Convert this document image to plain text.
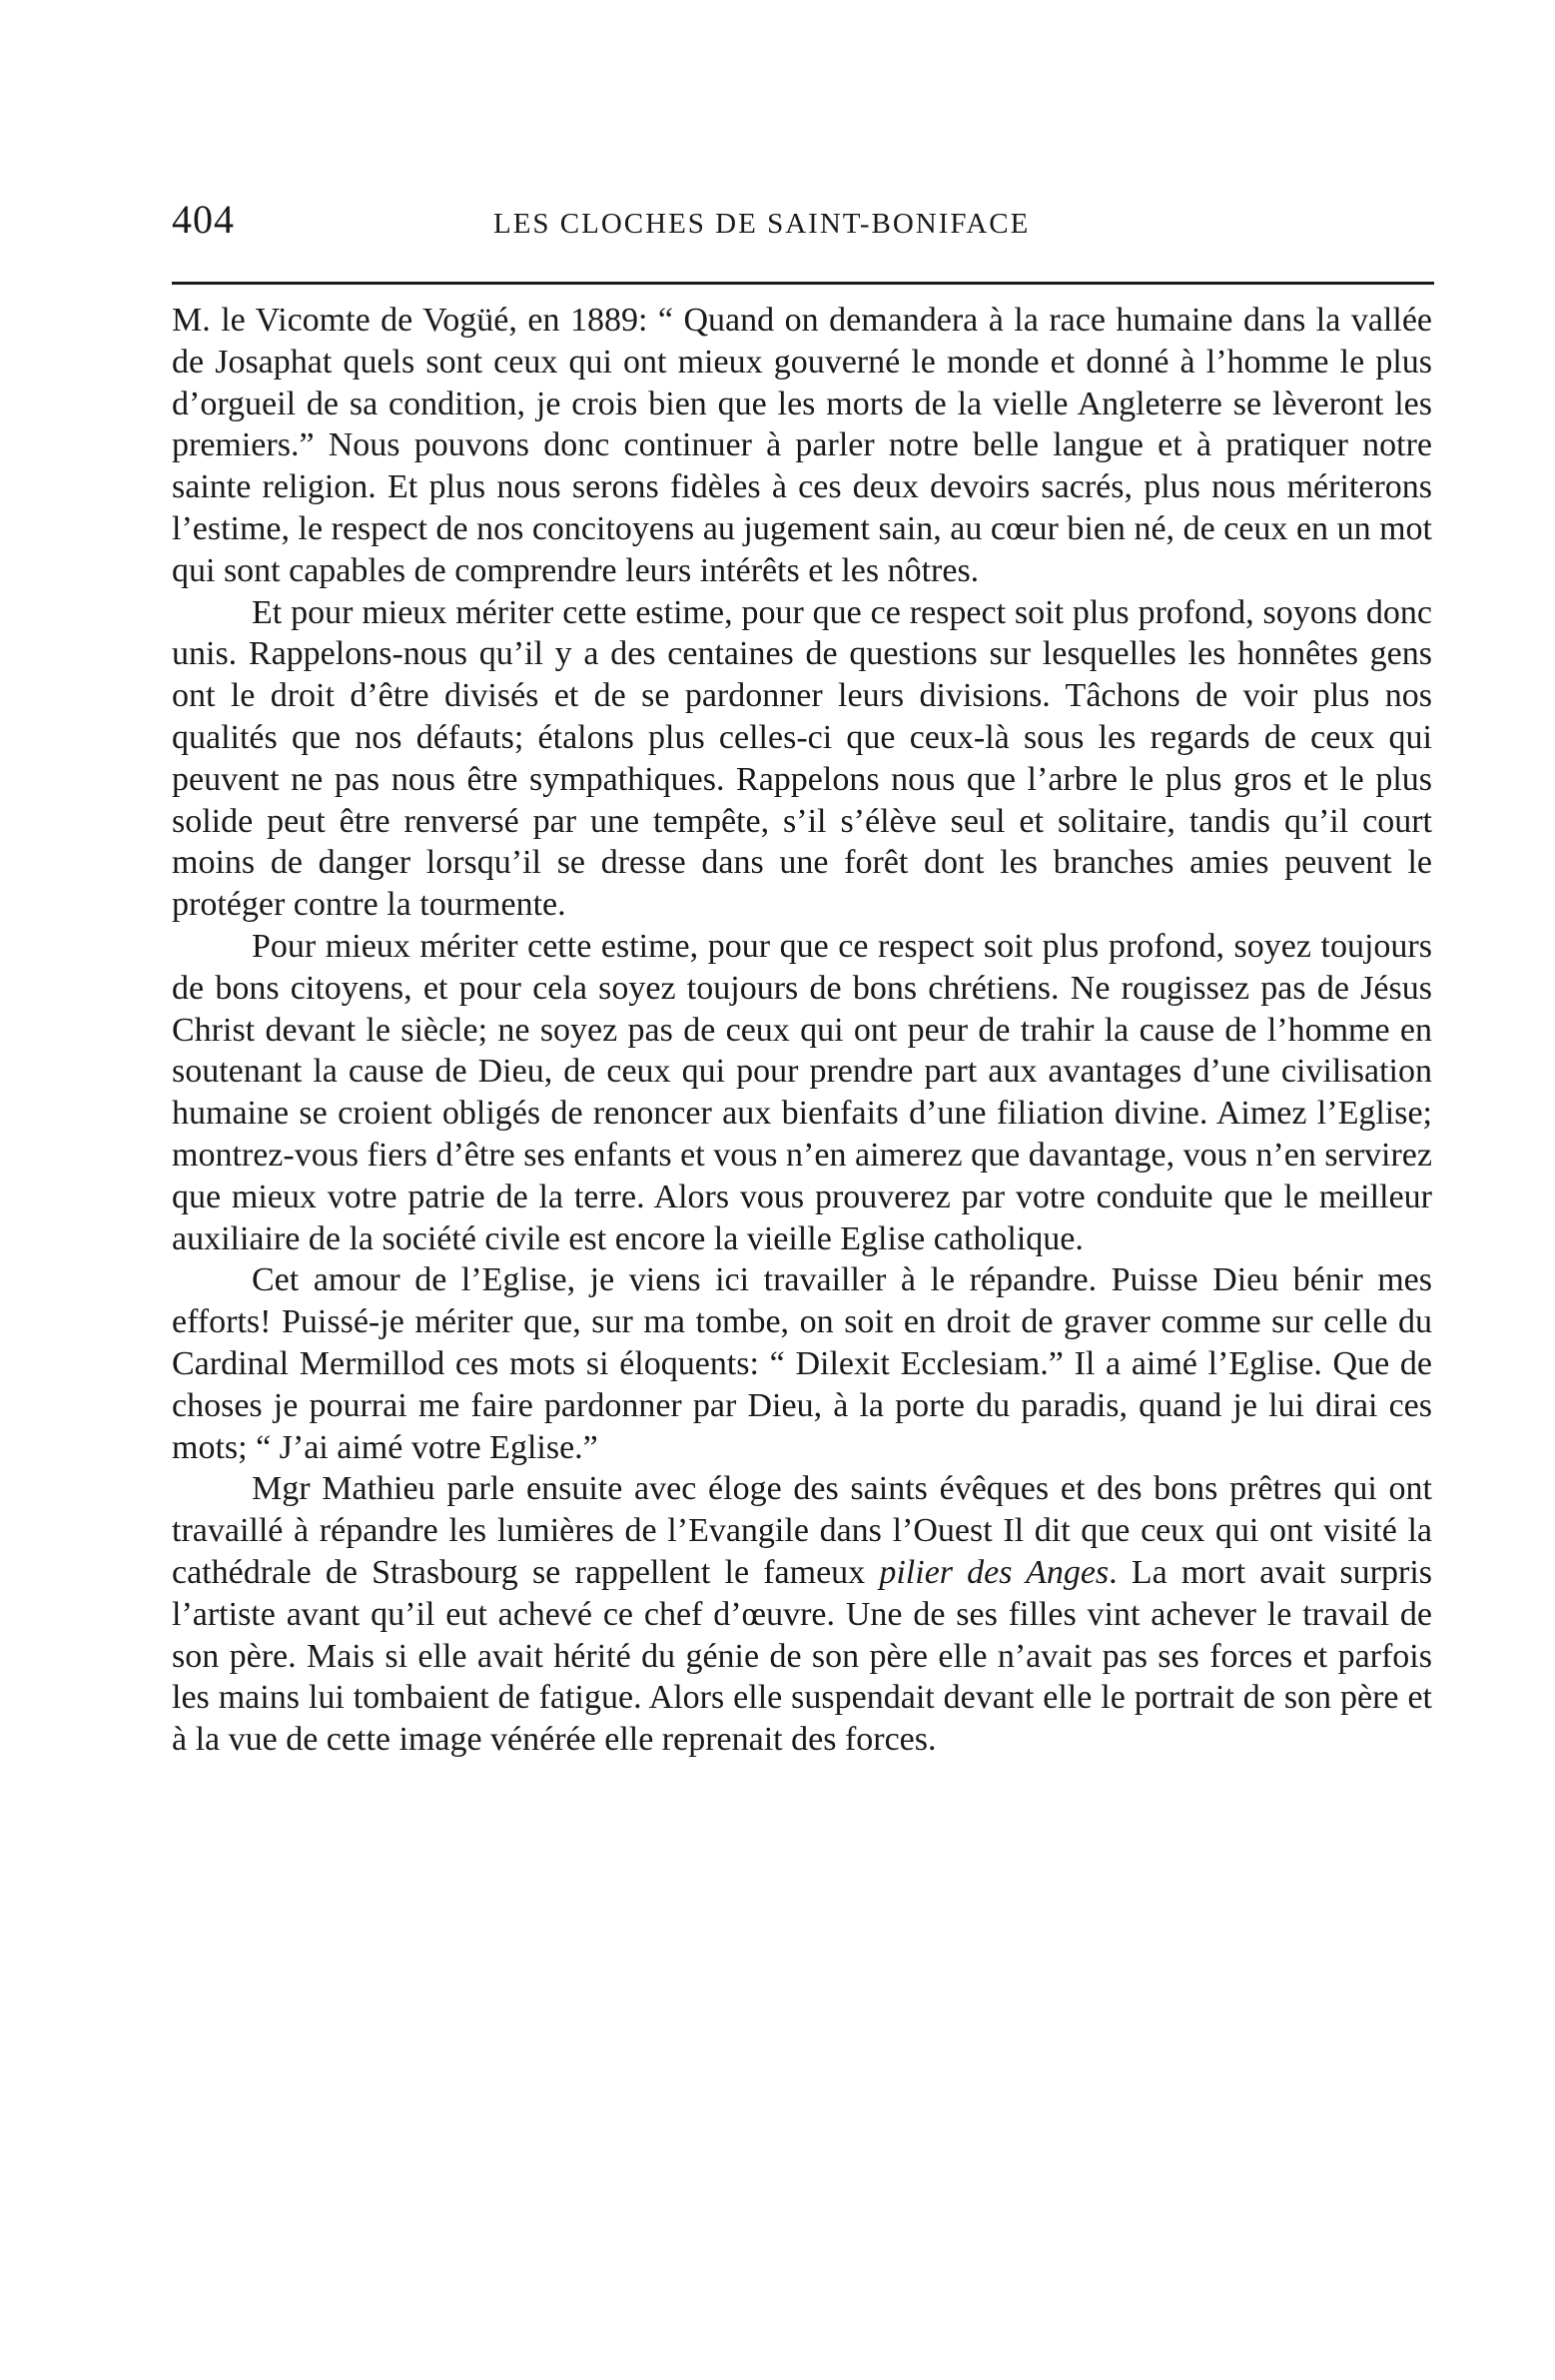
404	LES CLOCHES DE SAINT-BONIFACE

M. le Vicomte de Vogüé, en 1889: “ Quand on demandera à la race humaine dans la vallée de Josaphat quels sont ceux qui ont mieux gouverné le monde et donné à l’homme le plus d’orgueil de sa condition, je crois bien que les morts de la vielle Angleterre se lèveront les premiers.” Nous pouvons donc continuer à parler notre belle langue et à pratiquer notre sainte religion. Et plus nous serons fidèles à ces deux devoirs sacrés, plus nous mériterons l’estime, le respect de nos concitoyens au jugement sain, au cœur bien né, de ceux en un mot qui sont capables de comprendre leurs intérêts et les nôtres.

Et pour mieux mériter cette estime, pour que ce respect soit plus profond, soyons donc unis. Rappelons-nous qu’il y a des centaines de questions sur lesquelles les honnêtes gens ont le droit d’être divisés et de se pardonner leurs divisions. Tâchons de voir plus nos qualités que nos défauts; étalons plus celles-ci que ceux-là sous les regards de ceux qui peuvent ne pas nous être sympathiques. Rappelons nous que l’arbre le plus gros et le plus solide peut être renversé par une tempête, s’il s’élève seul et solitaire, tandis qu’il court moins de danger lorsqu’il se dresse dans une forêt dont les branches amies peuvent le protéger contre la tourmente.

Pour mieux mériter cette estime, pour que ce respect soit plus profond, soyez toujours de bons citoyens, et pour cela soyez toujours de bons chrétiens. Ne rougissez pas de Jésus Christ devant le siècle; ne soyez pas de ceux qui ont peur de trahir la cause de l’homme en soutenant la cause de Dieu, de ceux qui pour prendre part aux avantages d’une civilisation humaine se croient obligés de renoncer aux bienfaits d’une filiation divine. Aimez l’Eglise; montrez-vous fiers d’être ses enfants et vous n’en aimerez que davantage, vous n’en servirez que mieux votre patrie de la terre. Alors vous prouverez par votre conduite que le meilleur auxiliaire de la société civile est encore la vieille Eglise catholique.

Cet amour de l’Eglise, je viens ici travailler à le répandre. Puisse Dieu bénir mes efforts! Puissé-je mériter que, sur ma tombe, on soit en droit de graver comme sur celle du Cardinal Mermillod ces mots si éloquents: “ Dilexit Ecclesiam.” Il a aimé l’Eglise. Que de choses je pourrai me faire pardonner par Dieu, à la porte du paradis, quand je lui dirai ces mots; “ J’ai aimé votre Eglise.”

Mgr Mathieu parle ensuite avec éloge des saints évêques et des bons prêtres qui ont travaillé à répandre les lumières de l’Evangile dans l’Ouest Il dit que ceux qui ont visité la cathédrale de Strasbourg se rappellent le fameux pilier des Anges. La mort avait surpris l’artiste avant qu’il eut achevé ce chef d’œuvre. Une de ses filles vint achever le travail de son père. Mais si elle avait hérité du génie de son père elle n’avait pas ses forces et parfois les mains lui tombaient de fatigue. Alors elle suspendait devant elle le portrait de son père et à la vue de cette image vénérée elle reprenait des forces.
